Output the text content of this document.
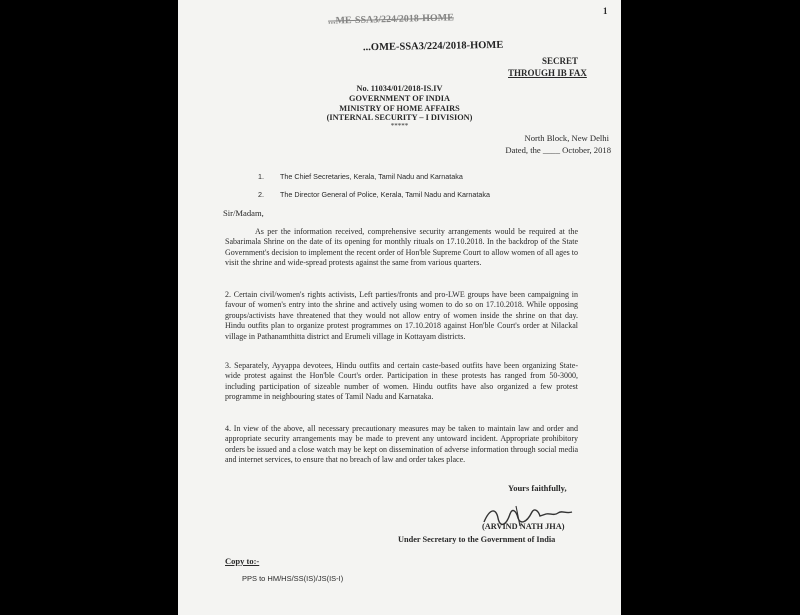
1
...ME-SSA3/224/2018-HOME
...OME-SSA3/224/2018-HOME
SECRET
THROUGH IB FAX
No. 11034/01/2018-IS.IV
GOVERNMENT OF INDIA
MINISTRY OF HOME AFFAIRS
(INTERNAL SECURITY – I DIVISION)
*****
North Block, New Delhi
Dated, the ____ October, 2018
1. The Chief Secretaries, Kerala, Tamil Nadu and Karnataka
2. The Director General of Police, Kerala, Tamil Nadu and Karnataka
Sir/Madam,

As per the information received, comprehensive security arrangements would be required at the Sabarimala Shrine on the date of its opening for monthly rituals on 17.10.2018. In the backdrop of the State Government's decision to implement the recent order of Hon'ble Supreme Court to allow women of all ages to visit the shrine and wide-spread protests against the same from various quarters.

2. Certain civil/women's rights activists, Left parties/fronts and pro-LWE groups have been campaigning in favour of women's entry into the shrine and actively using women to do so on 17.10.2018. While opposing groups/activists have threatened that they would not allow entry of women inside the shrine on that day. Hindu outfits plan to organize protest programmes on 17.10.2018 against Hon'ble Court's order at Nilackal village in Pathanamthitta district and Erumeli village in Kottayam districts.

3. Separately, Ayyappa devotees, Hindu outfits and certain caste-based outfits have been organizing State-wide protest against the Hon'ble Court's order. Participation in these protests has ranged from 50-3000, including participation of sizeable number of women. Hindu outfits have also organized a few protest programme in neighbouring states of Tamil Nadu and Karnataka.

4. In view of the above, all necessary precautionary measures may be taken to maintain law and order and appropriate security arrangements may be made to prevent any untoward incident. Appropriate prohibitory orders be issued and a close watch may be kept on dissemination of adverse information through social media and internet services, to ensure that no breach of law and order takes place.

Yours faithfully,
(ARVIND NATH JHA)
Under Secretary to the Government of India
Copy to:-
PPS to HM/HS/SS(IS)/JS(IS-I)
